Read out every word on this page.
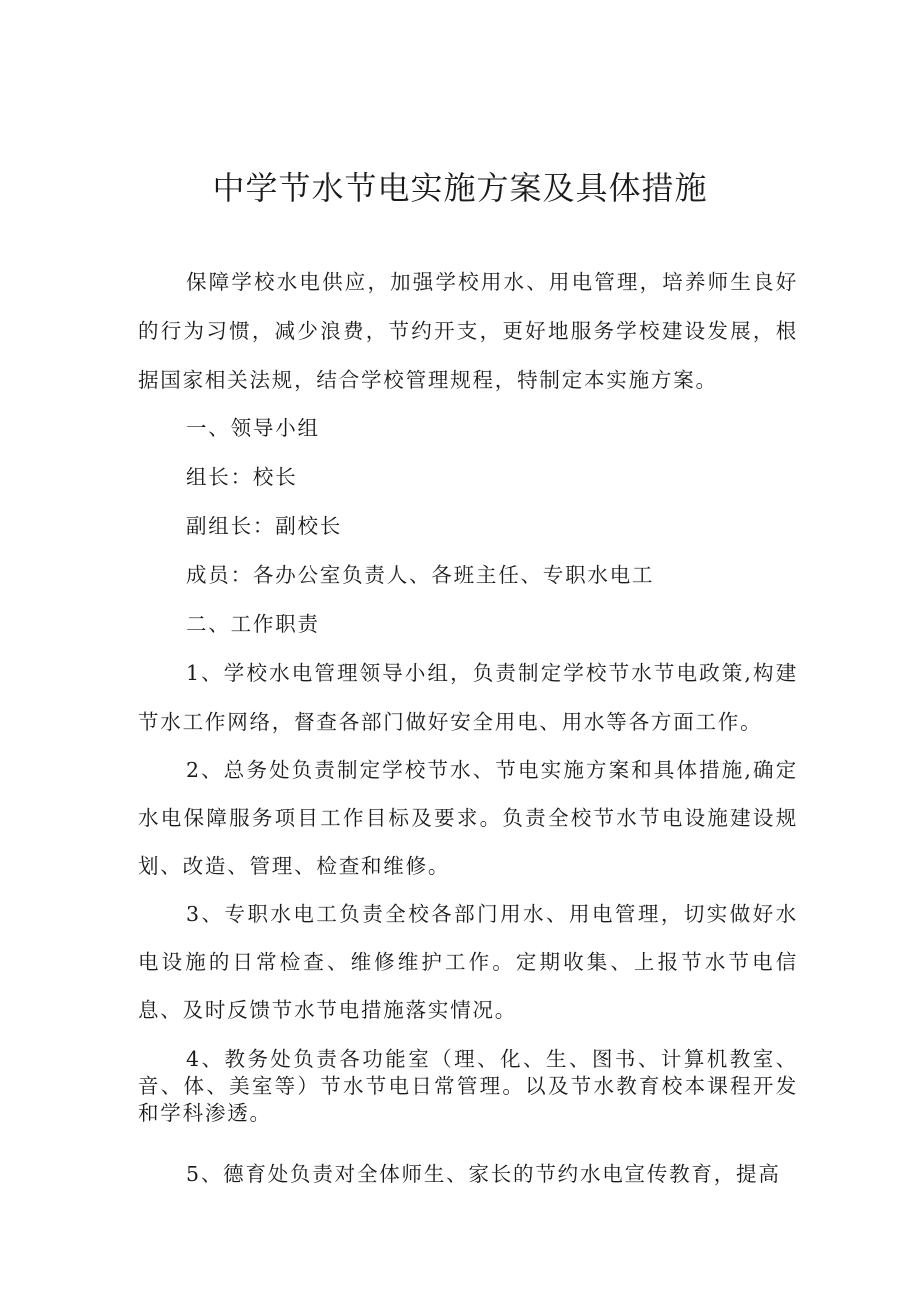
中学节水节电实施方案及具体措施

保障学校水电供应，加强学校用水、用电管理，培养师生良好的行为习惯，减少浪费，节约开支，更好地服务学校建设发展，根据国家相关法规，结合学校管理规程，特制定本实施方案。

一、领导小组

组长：校长

副组长：副校长

成员：各办公室负责人、各班主任、专职水电工

二、工作职责

1、学校水电管理领导小组，负责制定学校节水节电政策,构建节水工作网络，督查各部门做好安全用电、用水等各方面工作。

2、总务处负责制定学校节水、节电实施方案和具体措施,确定水电保障服务项目工作目标及要求。负责全校节水节电设施建设规划、改造、管理、检查和维修。

3、专职水电工负责全校各部门用水、用电管理，切实做好水电设施的日常检查、维修维护工作。定期收集、上报节水节电信息、及时反馈节水节电措施落实情况。

4、教务处负责各功能室（理、化、生、图书、计算机教室、音、体、美室等）节水节电日常管理。以及节水教育校本课程开发和学科渗透。

5、德育处负责对全体师生、家长的节约水电宣传教育，提高
